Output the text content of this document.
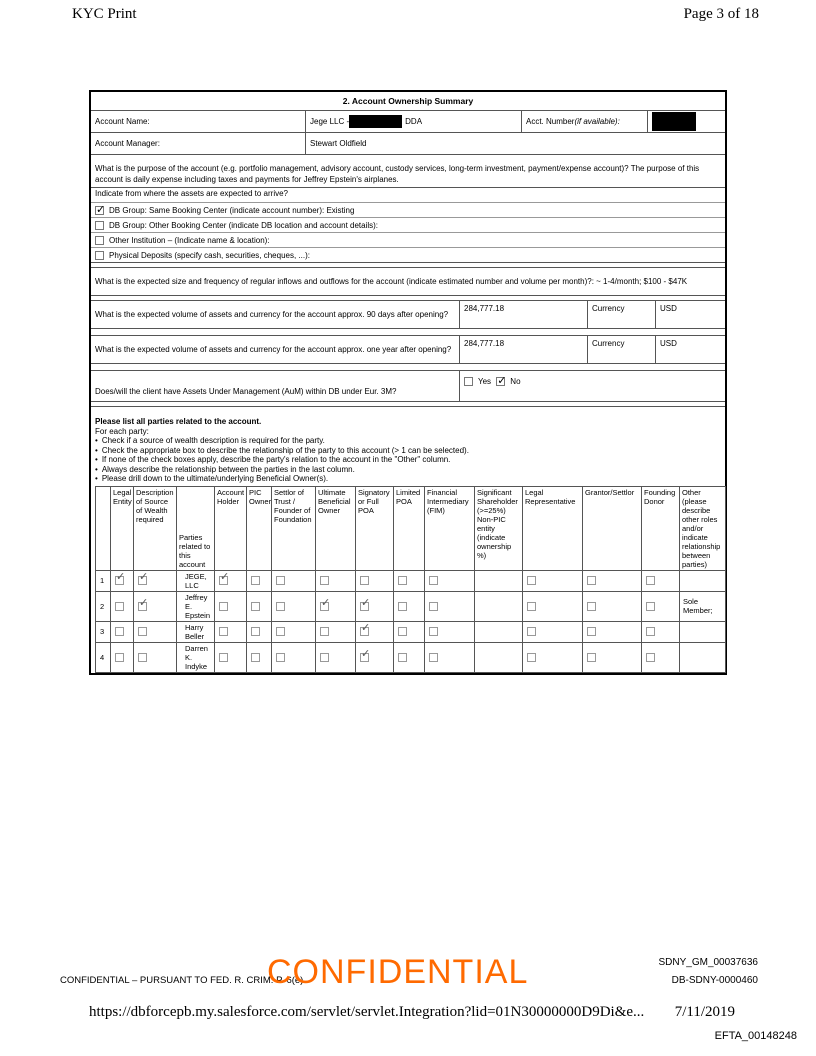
KYC Print	Page 3 of 18
2. Account Ownership Summary
Account Name:	Jege LLC -	DDA	Acct. Number (if available) :
Account Manager:	Stewart Oldfield
What is the purpose of the account (e.g. portfolio management, advisory account, custody services, long-term investment, payment/expense account)? The purpose of this account is daily expense including taxes and payments for Jeffrey Epstein's airplanes.
Indicate from where the assets are expected to arrive?
✓
DB Group: Same Booking Center (indicate account number): Existing
DB Group: Other Booking Center (indicate DB location and account details):
Other Institution – (Indicate name & location):
Physical Deposits (specify cash, securities, cheques, ...):
What is the expected size and frequency of regular inflows and outflows for the account (indicate estimated number and volume per month)?: ~ 1-4/month; $100 - $47K
What is the expected volume of assets and currency for the account approx. 90 days after opening?
284,777.18	Currency	USD
What is the expected volume of assets and currency for the account approx. one year after opening?
284,777.18	Currency	USD
Does/will the client have Assets Under Management (AuM) within DB under Eur. 3M?
Yes ✓ No
Please list all parties related to the account.
For each party:
• Check if a source of wealth description is required for the party.
• Check the appropriate box to describe the relationship of the party to this account (> 1 can be selected).
• If none of the check boxes apply, describe the party's relation to the account in the "Other" column.
• Always describe the relationship between the parties in the last column.
• Please drill down to the ultimate/underlying Beneficial Owner(s).
	Legal Entity	Description of Source of Wealth required	Parties related to this account	Account Holder	PIC Owner	Settlor of Trust / Founder of Foundation	Ultimate Beneficial Owner	Signatory or Full POA	Limited POA	Financial Intermediary (FIM)	Significant Shareholder (>=25%) Non-PIC entity (indicate ownership %)	Legal Representative	Grantor/Settlor	Founding Donor	Other (please describe other roles and/or indicate relationship between parties)
1	✓	✓	JEGE, LLC	✓											
2		✓	Jeffrey E. Epstein				✓	✓							Sole Member;
3			Harry Beller					✓							
4			Darren K. Indyke					✓							
CONFIDENTIAL – PURSUANT TO FED. R. CRIM. P. 6(e)
CONFIDENTIAL	SDNY_GM_00037636
DB-SDNY-0000460
https://dbforcepb.my.salesforce.com/servlet/servlet.Integration?lid=01N30000000D9Di&e... 7/11/2019
EFTA_00148248
